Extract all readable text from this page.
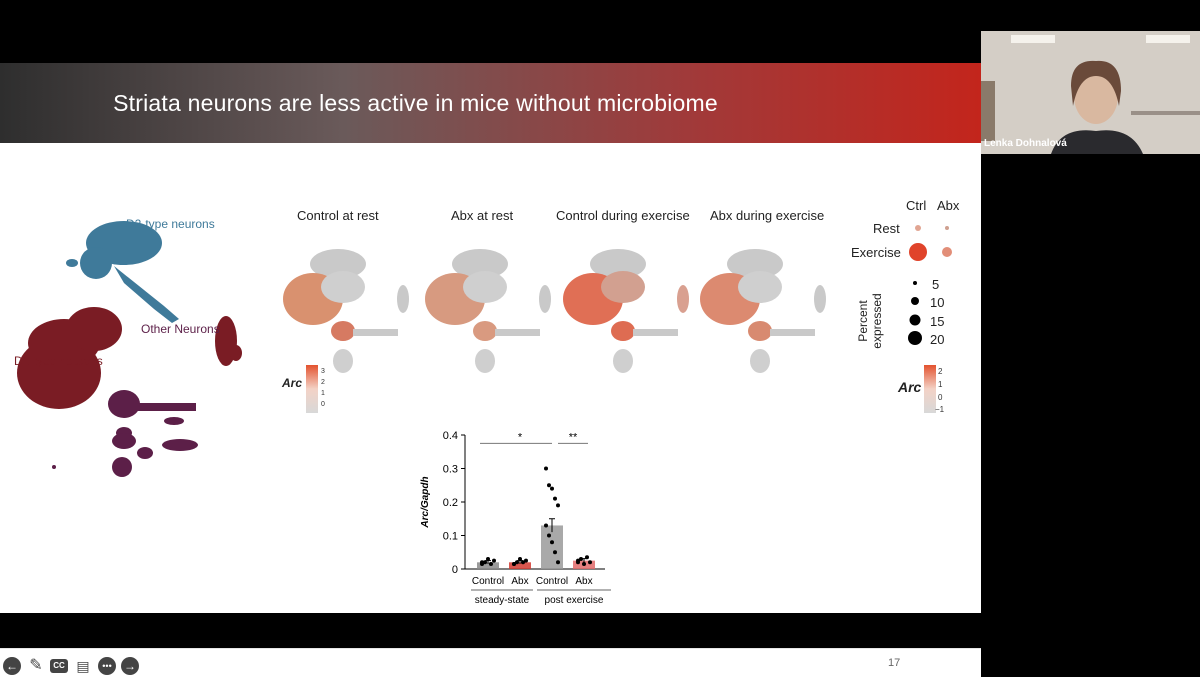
Striata neurons are less active in mice without microbiome
D2-type neurons
Other Neurons
D1-type neurons
Control at rest	Abx at rest	Control during exercise Abx during exercise
Arc
3
2
1
0
Ctrl Abx
Rest
Exercise
5
10
15
20
Percent expressed
Arc
2
1
0
−1
0
0.1
0.2
0.3
0.4
Arc/Gapdh
Control Abx Control Abx
steady-state post exercise
*	**
← ✎	CC ▤	•••	→	17
Lenka Dohnalová
